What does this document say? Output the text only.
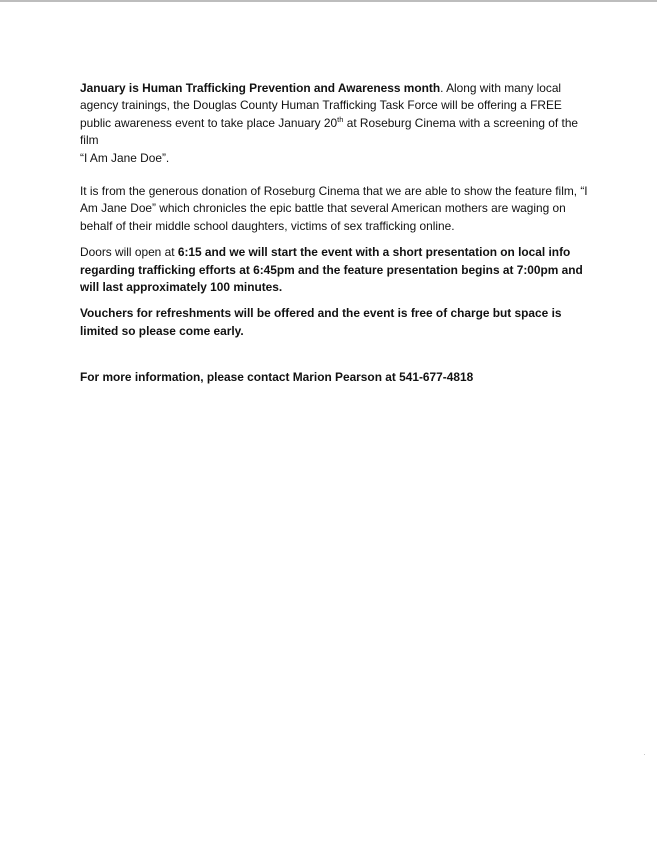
January is Human Trafficking Prevention and Awareness month. Along with many local agency trainings, the Douglas County Human Trafficking Task Force will be offering a FREE public awareness event to take place January 20th at Roseburg Cinema with a screening of the film
“I Am Jane Doe”.

It is from the generous donation of Roseburg Cinema that we are able to show the feature film, “I Am Jane Doe” which chronicles the epic battle that several American mothers are waging on behalf of their middle school daughters, victims of sex trafficking online.

Doors will open at 6:15 and we will start the event with a short presentation on local info regarding trafficking efforts at 6:45pm and the feature presentation begins at 7:00pm and will last approximately 100 minutes.

Vouchers for refreshments will be offered and the event is free of charge but space is limited so please come early.

For more information, please contact Marion Pearson at 541-677-4818
